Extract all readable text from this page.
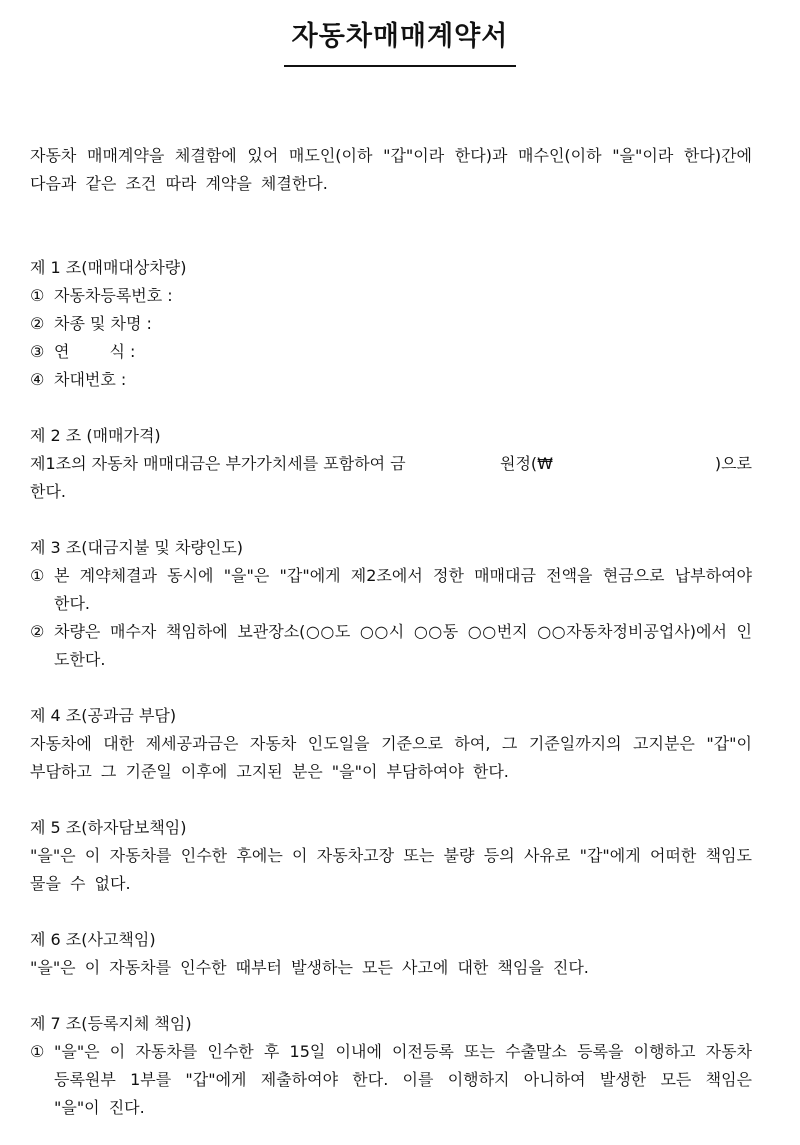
자동차매매계약서

자동차 매매계약을 체결함에 있어 매도인(이하 "갑"이라 한다)과 매수인(이하 "을"이라 한다)간에 다음과 같은 조건 따라 계약을 체결한다.

제 1 조(매매대상차량)
① 자동차등록번호 :
② 차종 및 차명 :
③ 연	식 :
④ 차대번호 :
제 2 조 (매매가격)
제1조의 자동차 매매대금은 부가가치세를 포함하여 금	원정(₩	)으로
한다.
제 3 조(대금지불 및 차량인도)
① 본 계약체결과 동시에 "을"은 "갑"에게 제2조에서 정한 매매대금 전액을 현금으로 납부하여야 한다.
② 차량은 매수자 책임하에 보관장소(○○도 ○○시 ○○동 ○○번지 ○○자동차정비공업사)에서 인도한다.
제 4 조(공과금 부담)

자동차에 대한 제세공과금은 자동차 인도일을 기준으로 하여, 그 기준일까지의 고지분은 "갑"이 부담하고 그 기준일 이후에 고지된 분은 "을"이 부담하여야 한다.

제 5 조(하자담보책임)

"을"은 이 자동차를 인수한 후에는 이 자동차고장 또는 불량 등의 사유로 "갑"에게 어떠한 책임도 물을 수 없다.

제 6 조(사고책임)

"을"은 이 자동차를 인수한 때부터 발생하는 모든 사고에 대한 책임을 진다.

제 7 조(등록지체 책임)
① "을"은 이 자동차를 인수한 후 15일 이내에 이전등록 또는 수출말소 등록을 이행하고 자동차등록원부 1부를 "갑"에게 제출하여야 한다. 이를 이행하지 아니하여 발생한 모든 책임은 "을"이 진다.
